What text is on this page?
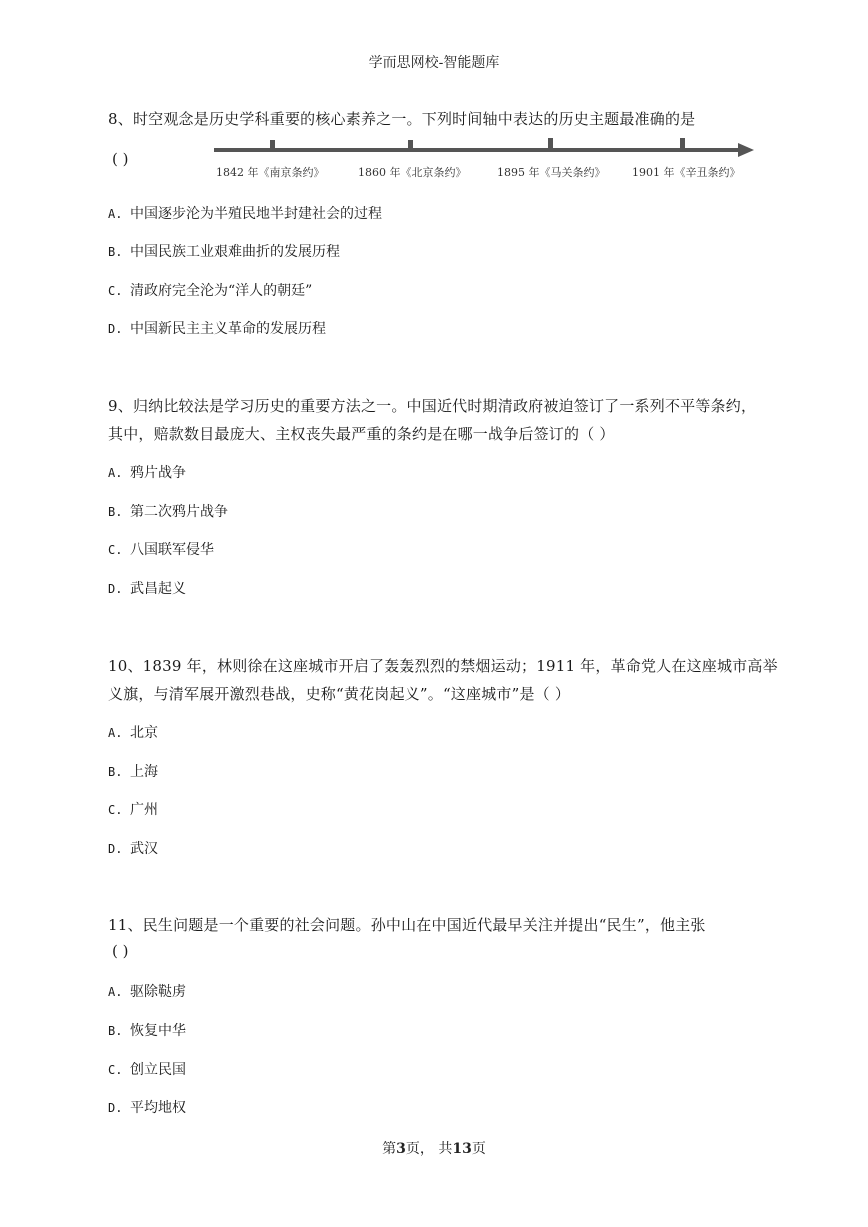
学而思网校-智能题库
8、时空观念是历史学科重要的核心素养之一。下列时间轴中表达的历史主题最准确的是
( )
1842 年《南京条约》	1860 年《北京条约》	1895 年《马关条约》 1901 年《辛丑条约》
A. 中国逐步沦为半殖民地半封建社会的过程
B. 中国民族工业艰难曲折的发展历程
C. 清政府完全沦为“洋人的朝廷”
D. 中国新民主主义革命的发展历程
9、归纳比较法是学习历史的重要方法之一。中国近代时期清政府被迫签订了一系列不平等条约，
其中，赔款数目最庞大、主权丧失最严重的条约是在哪一战争后签订的（ ）
A. 鸦片战争
B. 第二次鸦片战争
C. 八国联军侵华
D. 武昌起义
10、1839 年，林则徐在这座城市开启了轰轰烈烈的禁烟运动；1911 年，革命党人在这座城市高举
义旗，与清军展开激烈巷战，史称“黄花岗起义”。“这座城市”是（ ）
A. 北京
B. 上海
C. 广州
D. 武汉
11、民生问题是一个重要的社会问题。孙中山在中国近代最早关注并提出“民生”，他主张
( )
A. 驱除鞑虏
B. 恢复中华
C. 创立民国
D. 平均地权
第3页， 共13页
